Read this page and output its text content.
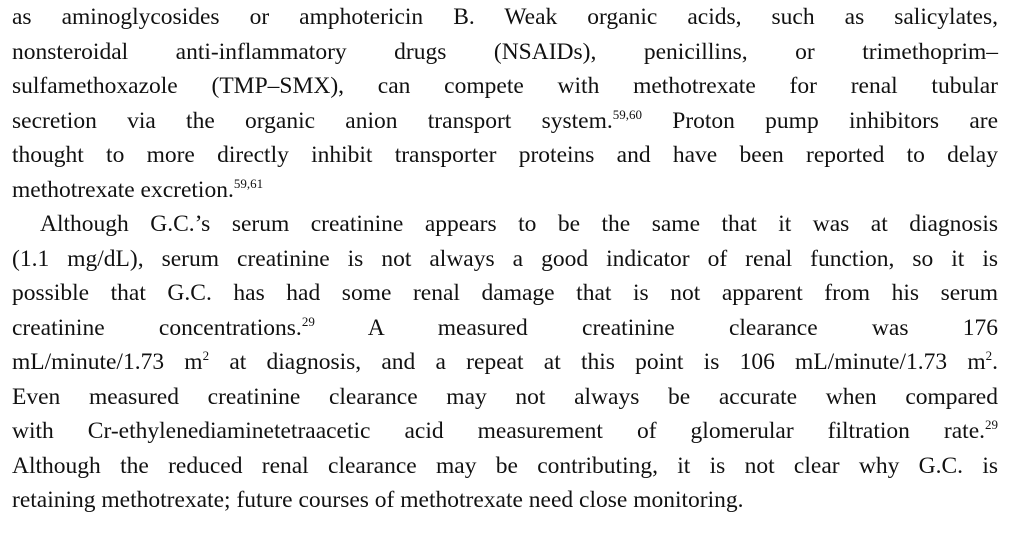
as aminoglycosides or amphotericin B. Weak organic acids, such as salicylates,
nonsteroidal anti-inflammatory drugs (NSAIDs), penicillins, or trimethoprim–
sulfamethoxazole (TMP–SMX), can compete with methotrexate for renal tubular
secretion via the organic anion transport system.$^{59,60}$ Proton pump inhibitors are
thought to more directly inhibit transporter proteins and have been reported to delay
methotrexate excretion.$^{59,61}$
Although G.C.’s serum creatinine appears to be the same that it was at diagnosis
(1.1 mg/dL), serum creatinine is not always a good indicator of renal function, so it is
possible that G.C. has had some renal damage that is not apparent from his serum
creatinine concentrations.$^{29}$ A measured creatinine clearance was 176
mL/minute/1.73 $m^2$ at diagnosis, and a repeat at this point is 106 mL/minute/1.73 $m^2$.
Even measured creatinine clearance may not always be accurate when compared
with Cr-ethylenediaminetetraacetic acid measurement of glomerular filtration rate.$^{29}$
Although the reduced renal clearance may be contributing, it is not clear why G.C. is
retaining methotrexate; future courses of methotrexate need close monitoring.
